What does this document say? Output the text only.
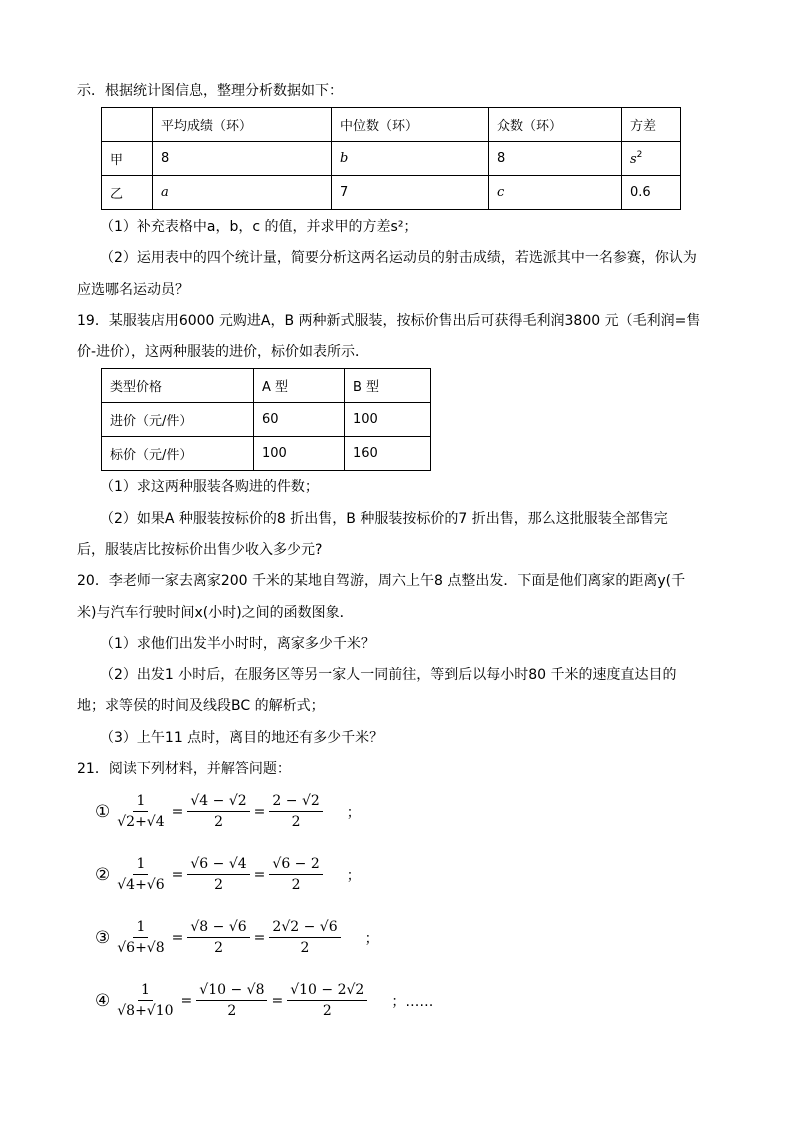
示．根据统计图信息，整理分析数据如下：
	平均成绩（环）	中位数（环）	众数（环）	方差
甲	8	b	8	$s^2$
乙	a	7	c	0.6
（1）补充表格中a，b，c 的值，并求甲的方差s²；
（2）运用表中的四个统计量，简要分析这两名运动员的射击成绩，若选派其中一名参赛，你认为
应选哪名运动员？
19．某服装店用6000 元购进A，B 两种新式服装，按标价售出后可获得毛利润3800 元（毛利润=售
价-进价），这两种服装的进价，标价如表所示．
类型价格	A 型	B 型
进价（元/件）	60	100
标价（元/件）	100	160
（1）求这两种服装各购进的件数；
（2）如果A 种服装按标价的8 折出售，B 种服装按标价的7 折出售，那么这批服装全部售完
后，服装店比按标价出售少收入多少元?
20．李老师一家去离家200 千米的某地自驾游，周六上午8 点整出发．下面是他们离家的距离y(千
米)与汽车行驶时间x(小时)之间的函数图象．
（1）求他们出发半小时时，离家多少千米？
（2）出发1 小时后，在服务区等另一家人一同前往，等到后以每小时80 千米的速度直达目的
地；求等侯的时间及线段BC 的解析式；
（3）上午11 点时，离目的地还有多少千米？
21．阅读下列材料，并解答问题：
① $\frac{1}{√2+√4} = \frac{√4 - √2}{2} = \frac{2 - √2}{2}$ ；
② $\frac{1}{√4+√6} = \frac{√6 - √4}{2} = \frac{√6 - 2}{2}$ ；
③ $\frac{1}{√6+√8} = \frac{√8 - √6}{2} = \frac{2√2 - √6}{2}$ ；
④ $\frac{1}{√8+√10} = \frac{√10 - √8}{2} = \frac{√10 - 2√2}{2}$ ；……
